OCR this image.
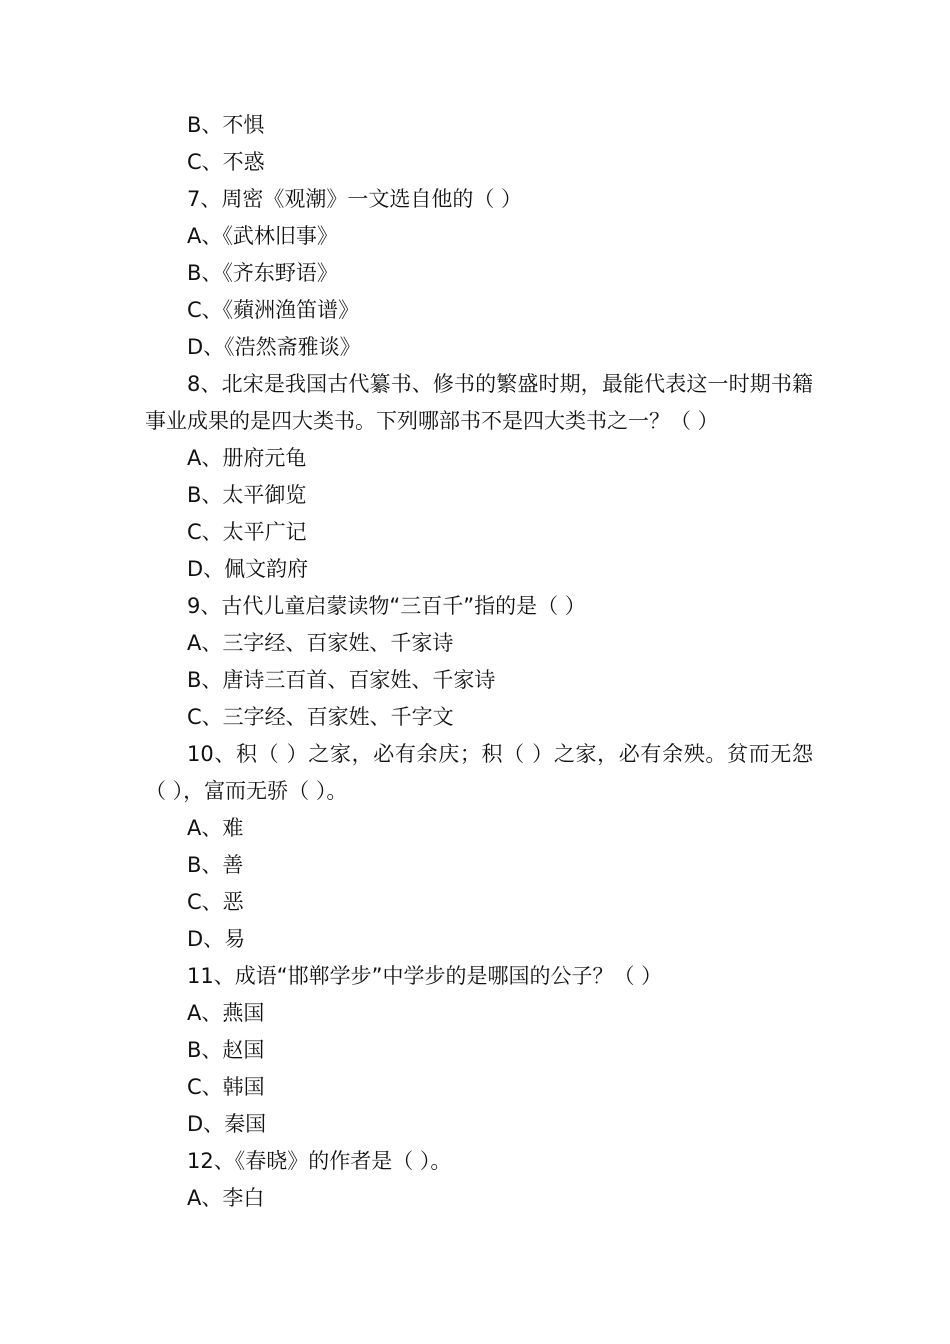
B、不惧
C、不惑
7、周密《观潮》一文选自他的（ ）
A、《武林旧事》
B、《齐东野语》
C、《蘋洲渔笛谱》
D、《浩然斋雅谈》
8、北宋是我国古代纂书、修书的繁盛时期，最能代表这一时期书籍事业成果的是四大类书。下列哪部书不是四大类书之一？（ ）
A、册府元龟
B、太平御览
C、太平广记
D、佩文韵府
9、古代儿童启蒙读物“三百千”指的是（ ）
A、三字经、百家姓、千家诗
B、唐诗三百首、百家姓、千家诗
C、三字经、百家姓、千字文
10、积（ ）之家，必有余庆；积（ ）之家，必有余殃。贫而无怨（ ），富而无骄（ ）。
A、难
B、善
C、恶
D、易
11、成语“邯郸学步”中学步的是哪国的公子？（ ）
A、燕国
B、赵国
C、韩国
D、秦国
12、《春晓》的作者是（ ）。
A、李白
